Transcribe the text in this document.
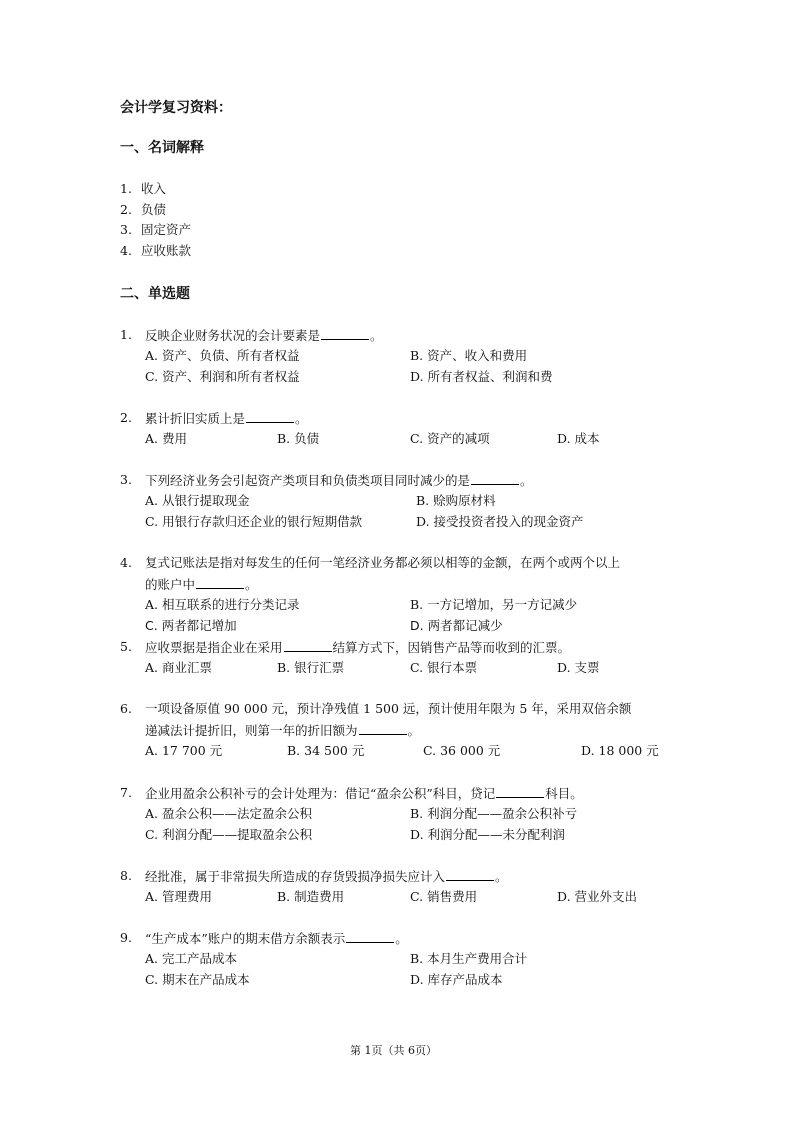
会计学复习资料：
一、名词解释
二、单选题
第 1页（共 6页）
1. 收入
2. 负债
3. 固定资产
4. 应收账款
1. 反映企业财务状况的会计要素是	。
A. 资产、负债、所有者权益	B. 资产、收入和费用
C. 资产、利润和所有者权益	D. 所有者权益、利润和费
2. 累计折旧实质上是	。
A. 费用	B. 负债	C. 资产的减项	D. 成本
3. 下列经济业务会引起资产类项目和负债类项目同时减少的是	。
A. 从银行提取现金	B. 赊购原材料
C. 用银行存款归还企业的银行短期借款	D. 接受投资者投入的现金资产
4. 复式记账法是指对每发生的任何一笔经济业务都必须以相等的金额，在两个或两个以上
的账户中	。
A. 相互联系的进行分类记录	B. 一方记增加，另一方记减少
C. 两者都记增加	D. 两者都记减少
5. 应收票据是指企业在采用	结算方式下，因销售产品等而收到的汇票。
A. 商业汇票	B. 银行汇票	C. 银行本票	D. 支票
6. 一项设备原值 90 000 元，预计净残值 1 500 远，预计使用年限为 5 年，采用双倍余额
递减法计提折旧，则第一年的折旧额为	。
A. 17 700 元	B. 34 500 元	C. 36 000 元	D. 18 000 元
7. 企业用盈余公积补亏的会计处理为：借记“盈余公积”科目，贷记	科目。
A. 盈余公积——法定盈余公积	B. 利润分配——盈余公积补亏
C. 利润分配——提取盈余公积	D. 利润分配——未分配利润
8. 经批准，属于非常损失所造成的存货毁损净损失应计入	。
A. 管理费用	B. 制造费用	C. 销售费用	D. 营业外支出
9. “生产成本”账户的期末借方余额表示	。
A. 完工产品成本	B. 本月生产费用合计
C. 期末在产品成本	D. 库存产品成本
